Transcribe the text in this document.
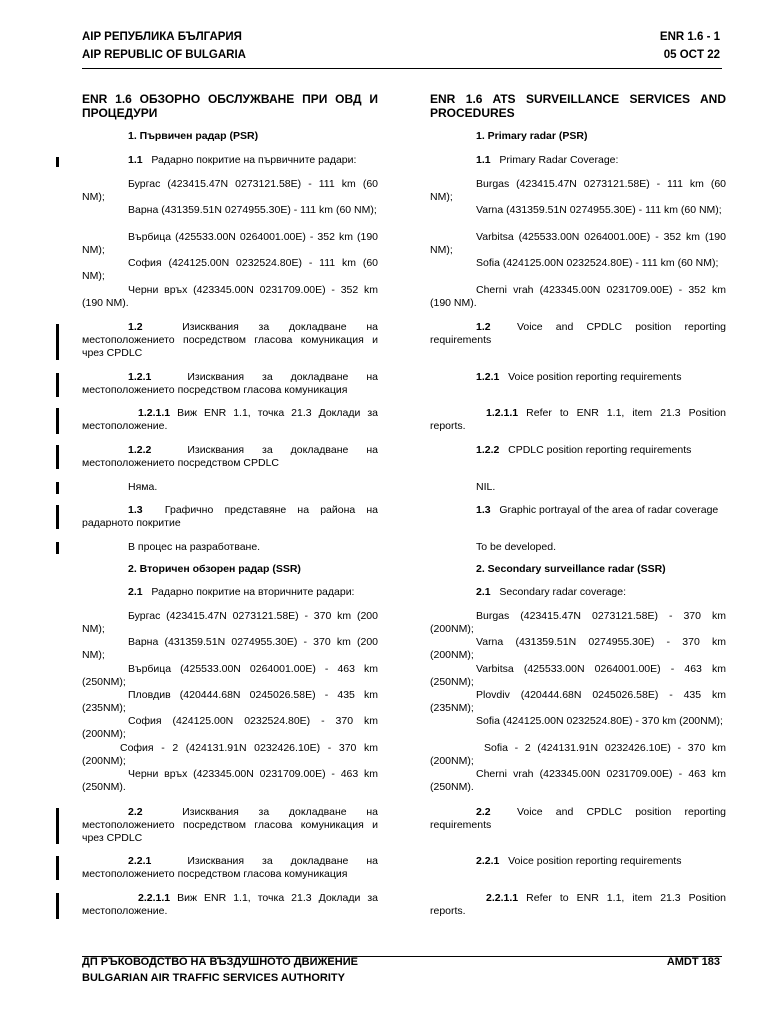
AIP РЕПУБЛИКА БЪЛГАРИЯ
AIP REPUBLIC OF BULGARIA
ENR 1.6 - 1
05 OCT 22
ENR 1.6 ОБЗОРНО ОБСЛУЖВАНЕ ПРИ ОВД И ПРОЦЕДУРИ

1. Първичен радар (PSR)

1.1 Радарно покритие на първичните радари:

Бургас (423415.47N 0273121.58E) - 111 km (60 NM);

Варна (431359.51N 0274955.30E) - 111 km (60 NM);

Върбица (425533.00N 0264001.00E) - 352 km (190 NM);

София (424125.00N 0232524.80E) - 111 km (60 NM);

Черни връх (423345.00N 0231709.00E) - 352 km (190 NM).

1.2	Изисквания за докладване на местоположението посредством гласова комуникация и чрез CPDLC

1.2.1	Изисквания за докладване на местоположението посредством гласова комуникация

1.2.1.1 Виж ENR 1.1, точка 21.3 Доклади за местоположение.

1.2.2	Изисквания за докладване на местоположението посредством CPDLC

Няма.

1.3 Графично представяне на района на радарното покритие

В процес на разработване.

2. Вторичен обзорен радар (SSR)

2.1 Радарно покритие на вторичните радари:

Бургас (423415.47N 0273121.58E) - 370 km (200 NM);

Варна (431359.51N 0274955.30E) - 370 km (200 NM);

Върбица (425533.00N 0264001.00E) - 463 km (250NM);

Пловдив (420444.68N 0245026.58E) - 435 km (235NM);

София (424125.00N 0232524.80E) - 370 km (200NM);

София - 2 (424131.91N 0232426.10E) - 370 km (200NM);

Черни връх (423345.00N 0231709.00E) - 463 km (250NM).

2.2	Изисквания за докладване на местоположението посредством гласова комуникация и чрез CPDLC

2.2.1	Изисквания за докладване на местоположението посредством гласова комуникация

2.2.1.1 Виж ENR 1.1, точка 21.3 Доклади за местоположение.

ENR 1.6 ATS SURVEILLANCE SERVICES AND PROCEDURES

1. Primary radar (PSR)

1.1 Primary Radar Coverage:

Burgas (423415.47N 0273121.58E) - 111 km (60 NM);

Varna (431359.51N 0274955.30E) - 111 km (60 NM);

Varbitsa (425533.00N 0264001.00E) - 352 km (190 NM);

Sofia (424125.00N 0232524.80E) - 111 km (60 NM);

Cherni vrah (423345.00N 0231709.00E) - 352 km (190 NM).

1.2	Voice and CPDLC position reporting requirements

1.2.1 Voice position reporting requirements

1.2.1.1 Refer to ENR 1.1, item 21.3 Position reports.

1.2.2 CPDLC position reporting requirements

NIL.

1.3 Graphic portrayal of the area of radar coverage

To be developed.

2. Secondary surveillance radar (SSR)

2.1 Secondary radar coverage:

Burgas (423415.47N 0273121.58E) - 370 km (200NM);

Varna (431359.51N 0274955.30E) - 370 km (200NM);

Varbitsa (425533.00N 0264001.00E) - 463 km (250NM);

Plovdiv (420444.68N 0245026.58E) - 435 km (235NM);

Sofia (424125.00N 0232524.80E) - 370 km (200NM);

Sofia - 2 (424131.91N 0232426.10E) - 370 km (200NM);

Cherni vrah (423345.00N 0231709.00E) - 463 km (250NM).

2.2	Voice and CPDLC position reporting requirements

2.2.1 Voice position reporting requirements

2.2.1.1 Refer to ENR 1.1, item 21.3 Position reports.

ДП РЪКОВОДСТВО НА ВЪЗДУШНОТО ДВИЖЕНИЕ
BULGARIAN AIR TRAFFIC SERVICES AUTHORITY
AMDT 183
